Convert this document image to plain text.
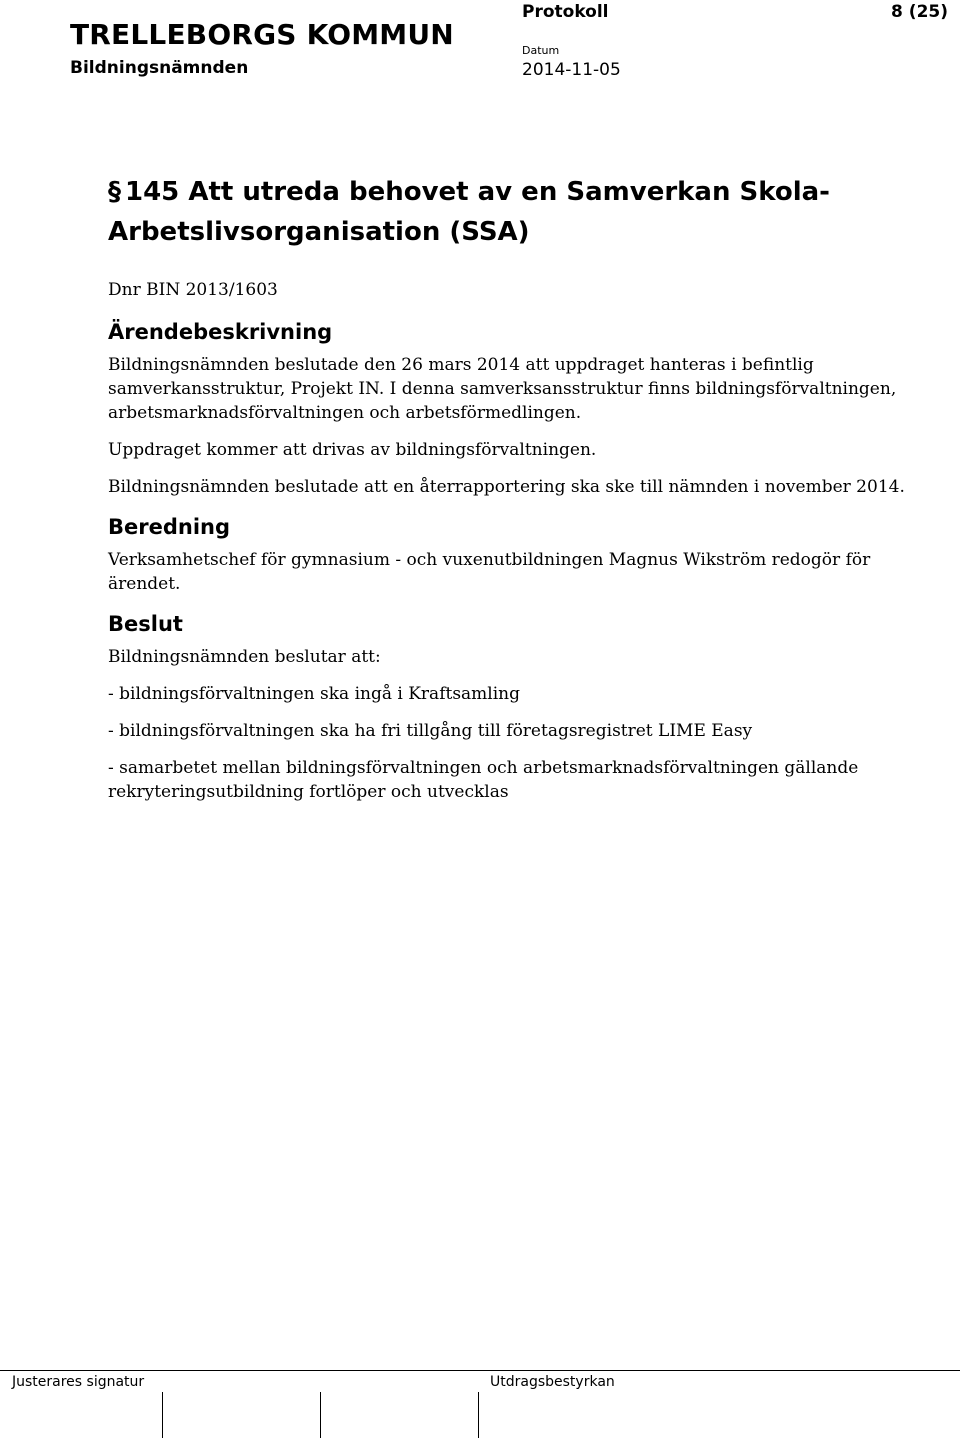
TRELLEBORGS KOMMUN
Bildningsnämnden
Protokoll	8 (25)
Datum
2014-11-05
§ 145 Att utreda behovet av en Samverkan Skola-Arbetslivsorganisation (SSA)
Dnr BIN 2013/1603
Ärendebeskrivning

Bildningsnämnden beslutade den 26 mars 2014 att uppdraget hanteras i befintlig samverkansstruktur, Projekt IN. I denna samverksansstruktur finns bildningsförvaltningen, arbetsmarknadsförvaltningen och arbetsförmedlingen.

Uppdraget kommer att drivas av bildningsförvaltningen.

Bildningsnämnden beslutade att en återrapportering ska ske till nämnden i november 2014.

Beredning

Verksamhetschef för gymnasium - och vuxenutbildningen Magnus Wikström redogör för ärendet.

Beslut

Bildningsnämnden beslutar att:

- bildningsförvaltningen ska ingå i Kraftsamling

- bildningsförvaltningen ska ha fri tillgång till företagsregistret LIME Easy

- samarbetet mellan bildningsförvaltningen och arbetsmarknadsförvaltningen gällande rekryteringsutbildning fortlöper och utvecklas

Justerares signatur	Utdragsbestyrkan
